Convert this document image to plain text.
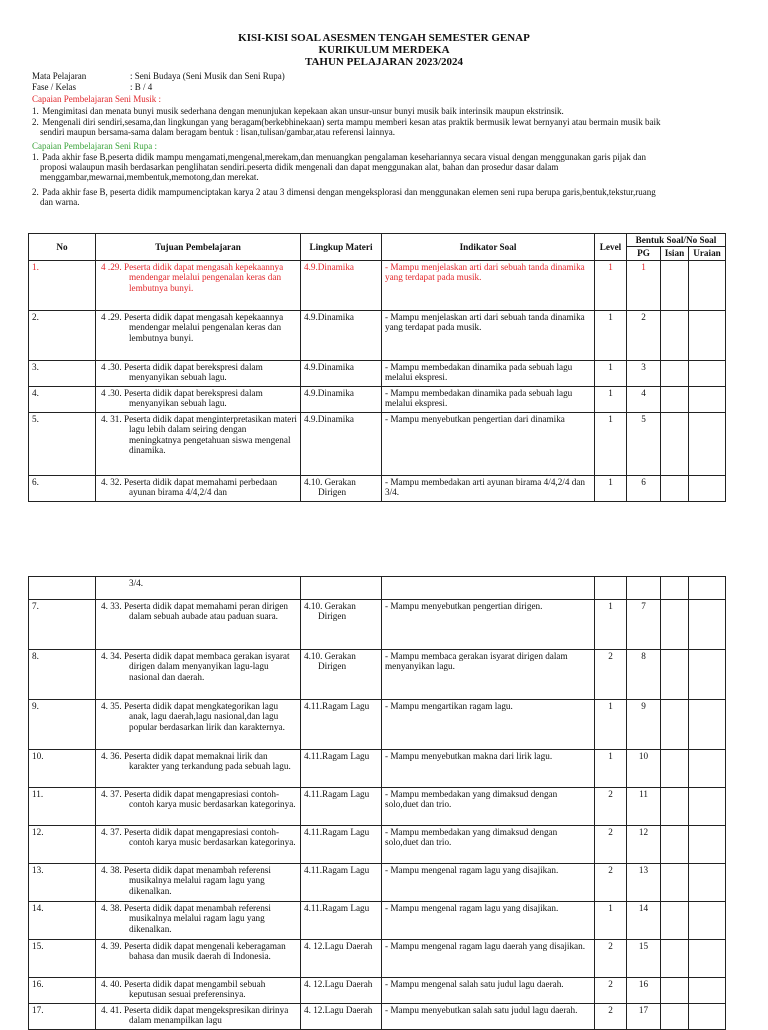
KISI-KISI SOAL ASESMEN TENGAH SEMESTER GENAP
KURIKULUM MERDEKA
TAHUN PELAJARAN 2023/2024
Mata Pelajaran	: Seni Budaya (Seni Musik dan Seni Rupa)
Fase / Kelas	: B / 4
Capaian Pembelajaran Seni Musik :
1. Mengimitasi dan menata bunyi musik sederhana dengan menunjukan kepekaan akan unsur-unsur bunyi musik baik interinsik maupun ekstrinsik.
2. Mengenali diri sendiri,sesama,dan lingkungan yang beragam(berkebhinekaan) serta mampu memberi kesan atas praktik bermusik lewat bernyanyi atau bermain musik baik
sendiri maupun bersama-sama dalam beragam bentuk : lisan,tulisan/gambar,atau referensi lainnya.
Capaian Pembelajaran Seni Rupa :
1. Pada akhir fase B,peserta didik mampu mengamati,mengenal,merekam,dan menuangkan pengalaman kesehariannya secara visual dengan menggunakan garis pijak dan
proposi walaupun masih berdasarkan penglihatan sendiri.peserta didik mengenali dan dapat menggunakan alat, bahan dan prosedur dasar dalam
menggambar,mewarnai,membentuk,memotong,dan merekat.
2. Pada akhir fase B, peserta didik mampumenciptakan karya 2 atau 3 dimensi dengan mengeksplorasi dan menggunakan elemen seni rupa berupa garis,bentuk,tekstur,ruang
dan warna.
No	Tujuan Pembelajaran	Lingkup Materi	Indikator Soal	Level	Bentuk Soal/No Soal		
					PG	Isian	Uraian
1.	4 .29. Peserta didik dapat mengasah kepekaannya mendengar melalui pengenalan keras dan lembutnya bunyi.	4.9.Dinamika	- Mampu menjelaskan arti dari sebuah tanda dinamika yang terdapat pada musik.	1	1		
2.	4 .29. Peserta didik dapat mengasah kepekaannya mendengar melalui pengenalan keras dan lembutnya bunyi.	4.9.Dinamika	- Mampu menjelaskan arti dari sebuah tanda dinamika yang terdapat pada musik.	1	2		
3.	4 .30. Peserta didik dapat berekspresi dalam menyanyikan sebuah lagu.	4.9.Dinamika	- Mampu membedakan dinamika pada sebuah lagu melalui ekspresi.	1	3		
4.	4 .30. Peserta didik dapat berekspresi dalam menyanyikan sebuah lagu.	4.9.Dinamika	- Mampu membedakan dinamika pada sebuah lagu melalui ekspresi.	1	4		
5.	4. 31. Peserta didik dapat menginterpretasikan materi lagu lebih dalam seiring dengan meningkatnya pengetahuan siswa mengenal dinamika.	4.9.Dinamika	- Mampu menyebutkan pengertian dari dinamika	1	5		
6.	4. 32. Peserta didik dapat memahami perbedaan ayunan birama 4/4,2/4 dan	4.10. Gerakan Dirigen	- Mampu membedakan arti ayunan birama 4/4,2/4 dan 3/4.	1	6		
	3/4.						
7.	4. 33. Peserta didik dapat memahami peran dirigen dalam sebuah aubade atau paduan suara.	4.10. Gerakan Dirigen	- Mampu menyebutkan pengertian dirigen.	1	7		
8.	4. 34. Peserta didik dapat membaca gerakan isyarat dirigen dalam menyanyikan lagu-lagu nasional dan daerah.	4.10. Gerakan Dirigen	- Mampu membaca gerakan isyarat dirigen dalam menyanyikan lagu.	2	8		
9.	4. 35. Peserta didik dapat mengkategorikan lagu anak, lagu daerah,lagu nasional,dan lagu popular berdasarkan lirik dan karakternya.	4.11.Ragam Lagu	- Mampu mengartikan ragam lagu.	1	9		
10.	4. 36. Peserta didik dapat memaknai lirik dan karakter yang terkandung pada sebuah lagu.	4.11.Ragam Lagu	- Mampu menyebutkan makna dari lirik lagu.	1	10		
11.	4. 37. Peserta didik dapat mengapresiasi contoh-contoh karya music berdasarkan kategorinya.	4.11.Ragam Lagu	- Mampu membedakan yang dimaksud dengan solo,duet dan trio.	2	11		
12.	4. 37. Peserta didik dapat mengapresiasi contoh-contoh karya music berdasarkan kategorinya.	4.11.Ragam Lagu	- Mampu membedakan yang dimaksud dengan solo,duet dan trio.	2	12		
13.	4. 38. Peserta didik dapat menambah referensi musikalnya melalui ragam lagu yang dikenalkan.	4.11.Ragam Lagu	- Mampu mengenal ragam lagu yang disajikan.	2	13		
14.	4. 38. Peserta didik dapat menambah referensi musikalnya melalui ragam lagu yang dikenalkan.	4.11.Ragam Lagu	- Mampu mengenal ragam lagu yang disajikan.	1	14		
15.	4. 39. Peserta didik dapat mengenali keberagaman bahasa dan musik daerah di Indonesia.	4. 12.Lagu Daerah	- Mampu mengenal ragam lagu daerah yang disajikan.	2	15		
16.	4. 40. Peserta didik dapat mengambil sebuah keputusan sesuai preferensinya.	4. 12.Lagu Daerah	- Mampu mengenal salah satu judul lagu daerah.	2	16		
17.	4. 41. Peserta didik dapat mengekspresikan dirinya dalam menampilkan lagu	4. 12.Lagu Daerah	- Mampu menyebutkan salah satu judul lagu daerah.	2	17		
